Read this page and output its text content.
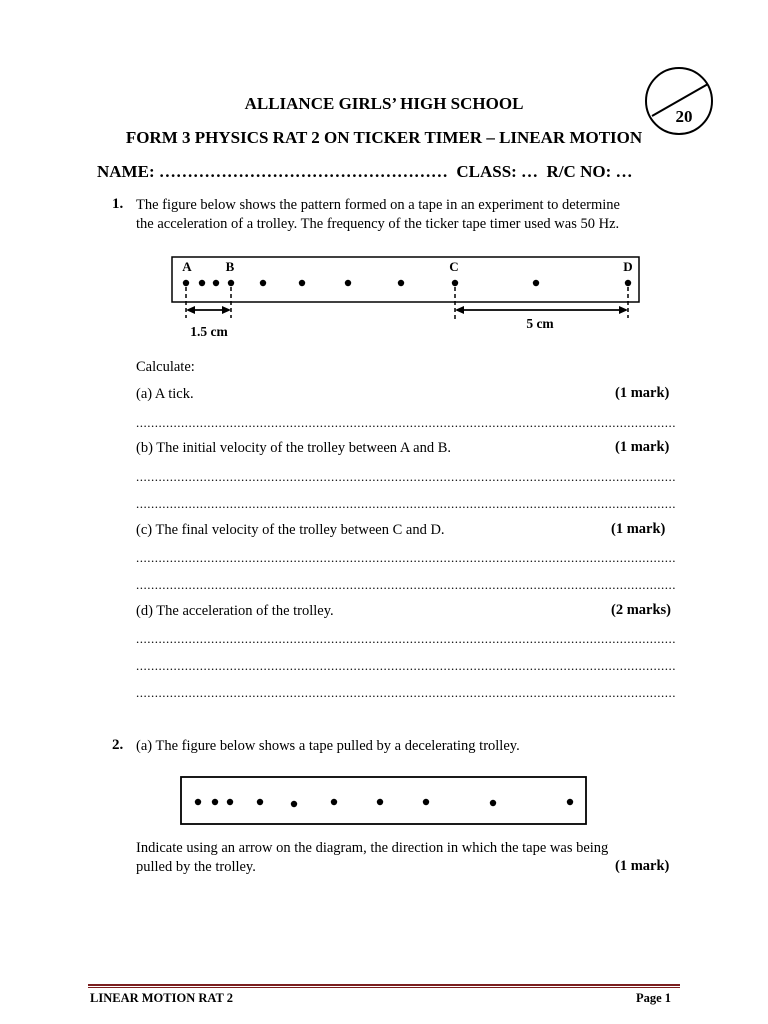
ALLIANCE GIRLS’ HIGH SCHOOL
FORM 3 PHYSICS RAT 2 ON TICKER TIMER – LINEAR MOTION
20
NAME: ……………………………………………  CLASS: …  R/C NO: …
1. The figure below shows the pattern formed on a tape in an experiment to determine
the acceleration of a trolley. The frequency of the ticker tape timer used was 50 Hz.
A	B	C	D
1.5 cm
5 cm
Calculate:
(a) A tick.	(1 mark)
.....
(b) The initial velocity of the trolley between A and B.	(1 mark)
.....
.....
(c) The final velocity of the trolley between C and D.	(1 mark)
.....
.....
(d) The acceleration of the trolley.	(2 marks)
.....
.....
.....
2. (a) The figure below shows a tape pulled by a decelerating trolley.
Indicate using an arrow on the diagram, the direction in which the tape was being
pulled by the trolley.	(1 mark)
LINEAR MOTION RAT 2	Page 1
